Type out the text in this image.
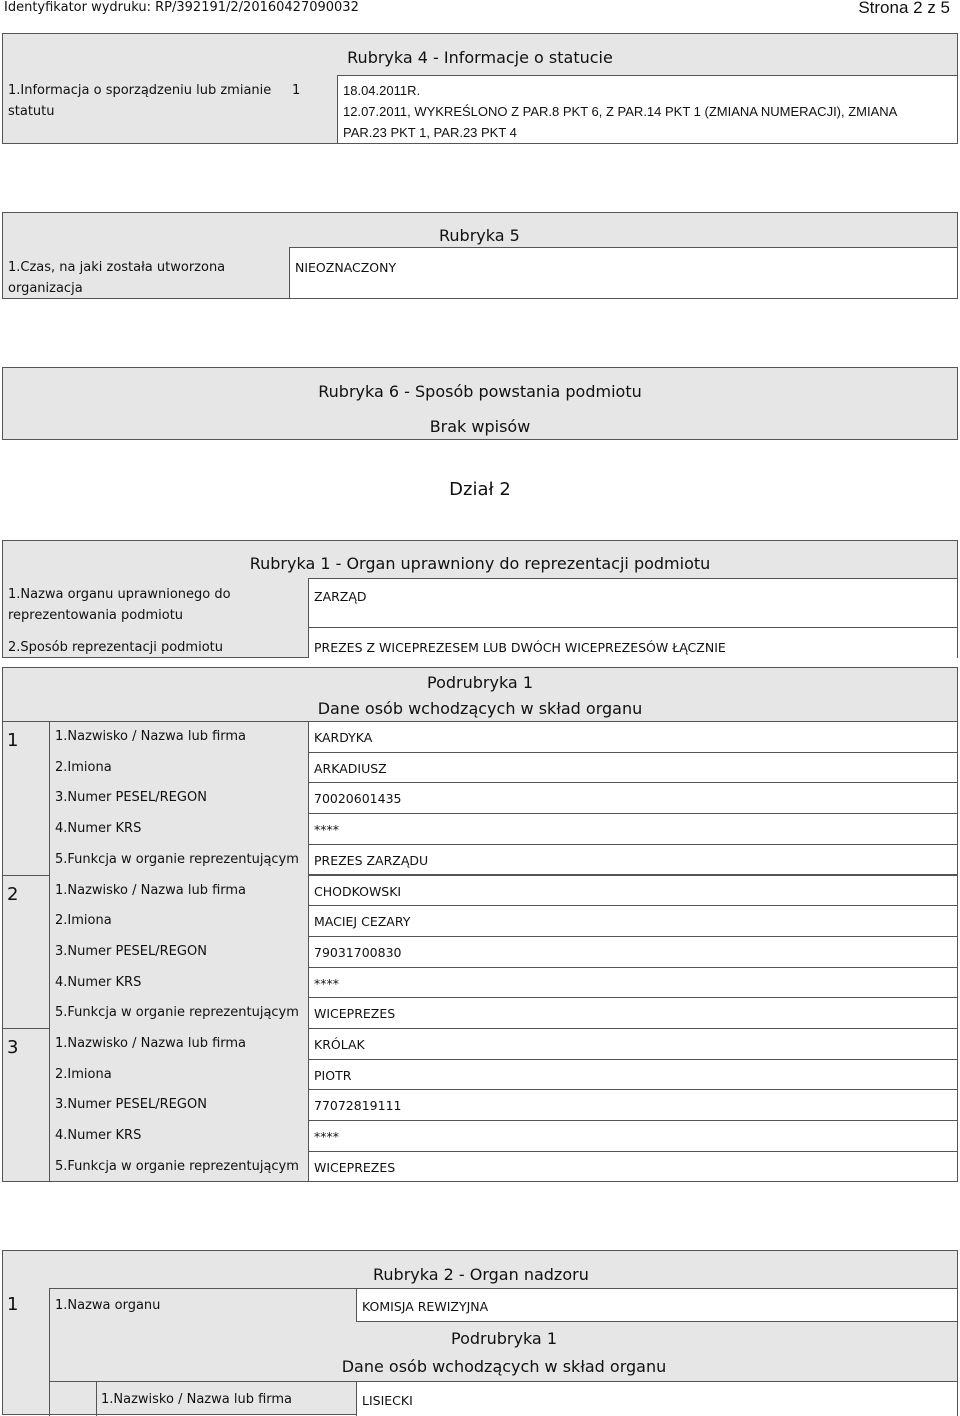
Identyfikator wydruku: RP/392191/2/20160427090032	Strona 2 z 5
Rubryka 4 - Informacje o statucie
1.Informacja o sporządzeniu lub zmianie
statutu
1	18.04.2011R.
12.07.2011, WYKREŚLONO Z PAR.8 PKT 6, Z PAR.14 PKT 1 (ZMIANA NUMERACJI), ZMIANA
PAR.23 PKT 1, PAR.23 PKT 4
Rubryka 5
1.Czas, na jaki została utworzona
organizacja
NIEOZNACZONY
Rubryka 6 - Sposób powstania podmiotu
Brak wpisów
Dział 2
Rubryka 1 - Organ uprawniony do reprezentacji podmiotu
1.Nazwa organu uprawnionego do
reprezentowania podmiotu
ZARZĄD
2.Sposób reprezentacji podmiotu	PREZES Z WICEPREZESEM LUB DWÓCH WICEPREZESÓW ŁĄCZNIE
Podrubryka 1
Dane osób wchodzących w skład organu
1	1.Nazwisko / Nazwa lub firma	KARDYKA
2.Imiona	ARKADIUSZ
3.Numer PESEL/REGON	70020601435
4.Numer KRS	****
5.Funkcja w organie reprezentującym PREZES ZARZĄDU
2	1.Nazwisko / Nazwa lub firma	CHODKOWSKI
2.Imiona	MACIEJ CEZARY
3.Numer PESEL/REGON	79031700830
4.Numer KRS	****
5.Funkcja w organie reprezentującym WICEPREZES
3	1.Nazwisko / Nazwa lub firma	KRÓLAK
2.Imiona	PIOTR
3.Numer PESEL/REGON	77072819111
4.Numer KRS	****
5.Funkcja w organie reprezentującym WICEPREZES
Rubryka 2 - Organ nadzoru
1	1.Nazwa organu	KOMISJA REWIZYJNA
Podrubryka 1
Dane osób wchodzących w skład organu
1.Nazwisko / Nazwa lub firma	LISIECKI
